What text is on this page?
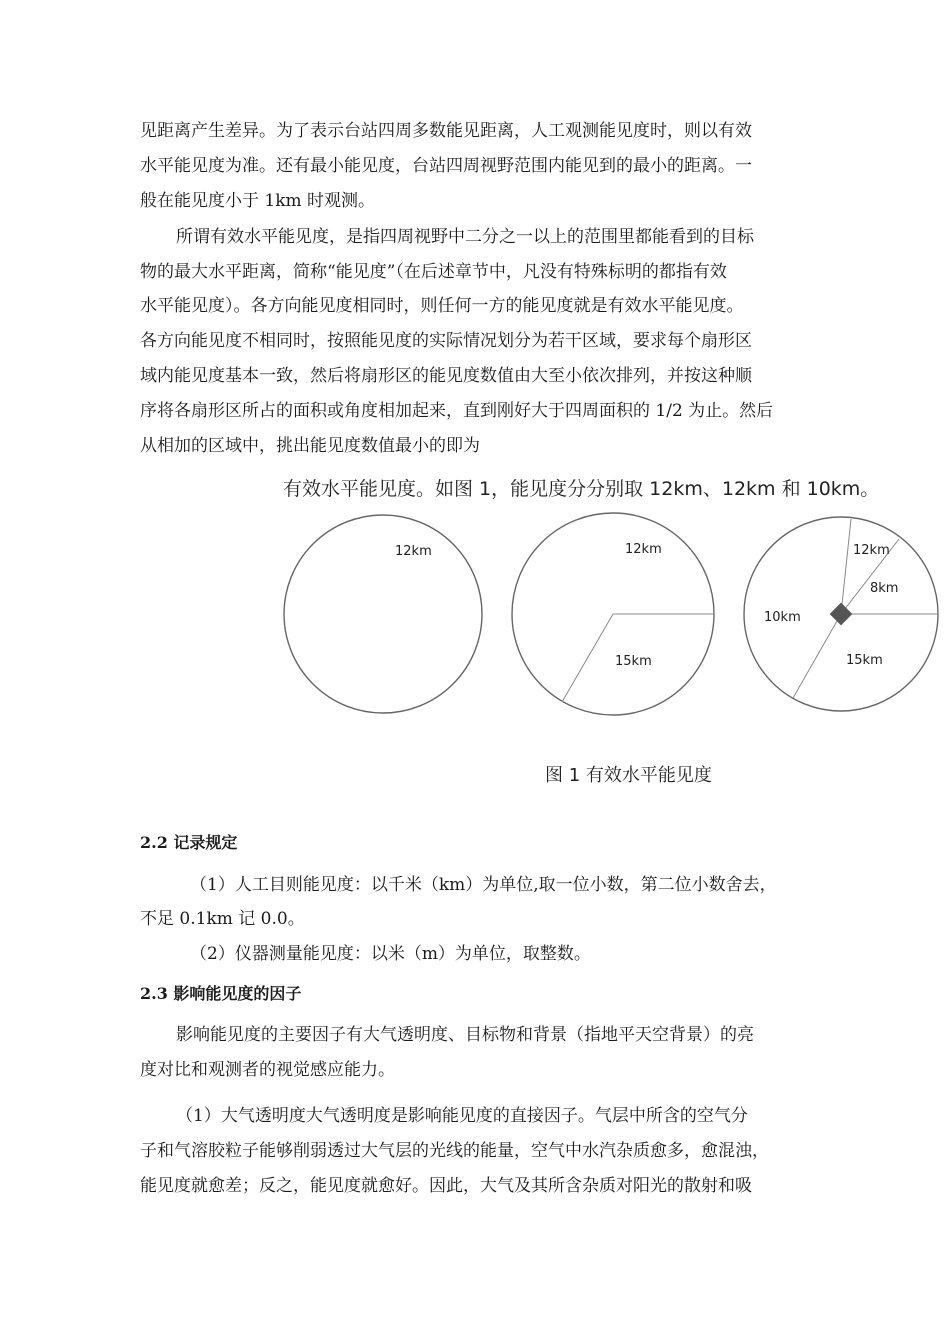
见距离产生差异。为了表示台站四周多数能见距离，人工观测能见度时，则以有效
水平能见度为准。还有最小能见度，台站四周视野范围内能见到的最小的距离。一
般在能见度小于 1km 时观测。
所谓有效水平能见度，是指四周视野中二分之一以上的范围里都能看到的目标
物的最大水平距离，简称“能见度”（在后述章节中，凡没有特殊标明的都指有效
水平能见度）。各方向能见度相同时，则任何一方的能见度就是有效水平能见度。
各方向能见度不相同时，按照能见度的实际情况划分为若干区域，要求每个扇形区
域内能见度基本一致，然后将扇形区的能见度数值由大至小依次排列，并按这种顺
序将各扇形区所占的面积或角度相加起来，直到刚好大于四周面积的 1/2 为止。然后
从相加的区域中，挑出能见度数值最小的即为
有效水平能见度。如图 1，能见度分分别取 12km、12km 和 10km。
12km	12km
15km
12km
8km
10km
15km
图 1 有效水平能见度
2.2 记录规定
（1）人工目则能见度：以千米（km）为单位,取一位小数，第二位小数舍去，
不足 0.1km 记 0.0。
（2）仪器测量能见度：以米（m）为单位，取整数。
2.3 影响能见度的因子
影响能见度的主要因子有大气透明度、目标物和背景（指地平天空背景）的亮
度对比和观测者的视觉感应能力。
（1）大气透明度大气透明度是影响能见度的直接因子。气层中所含的空气分
子和气溶胶粒子能够削弱透过大气层的光线的能量，空气中水汽杂质愈多，愈混浊，
能见度就愈差；反之，能见度就愈好。因此，大气及其所含杂质对阳光的散射和吸
